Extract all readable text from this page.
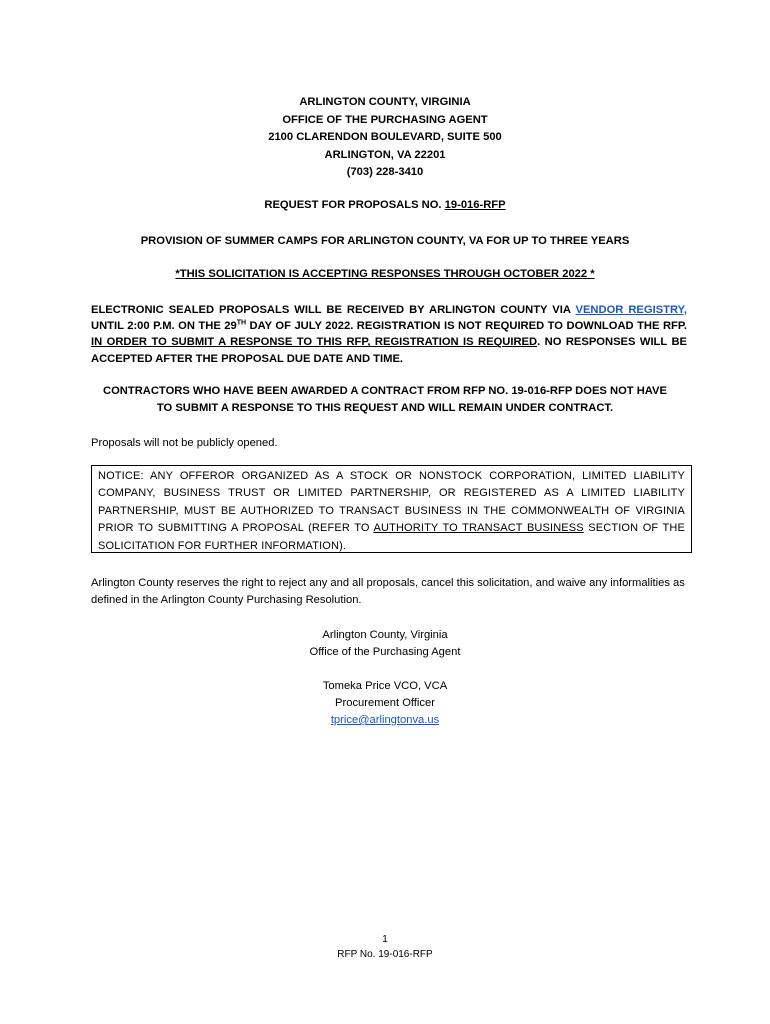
ARLINGTON COUNTY, VIRGINIA
OFFICE OF THE PURCHASING AGENT
2100 CLARENDON BOULEVARD, SUITE 500
ARLINGTON, VA 22201
(703) 228-3410
REQUEST FOR PROPOSALS NO. 19-016-RFP
PROVISION OF SUMMER CAMPS FOR ARLINGTON COUNTY, VA FOR UP TO THREE YEARS
*THIS SOLICITATION IS ACCEPTING RESPONSES THROUGH OCTOBER 2022 *
ELECTRONIC SEALED PROPOSALS WILL BE RECEIVED BY ARLINGTON COUNTY VIA VENDOR REGISTRY, UNTIL 2:00 P.M. ON THE 29TH DAY OF JULY 2022. REGISTRATION IS NOT REQUIRED TO DOWNLOAD THE RFP. IN ORDER TO SUBMIT A RESPONSE TO THIS RFP, REGISTRATION IS REQUIRED. NO RESPONSES WILL BE ACCEPTED AFTER THE PROPOSAL DUE DATE AND TIME.
CONTRACTORS WHO HAVE BEEN AWARDED A CONTRACT FROM RFP NO. 19-016-RFP DOES NOT HAVE
TO SUBMIT A RESPONSE TO THIS REQUEST AND WILL REMAIN UNDER CONTRACT.
Proposals will not be publicly opened.
NOTICE: ANY OFFEROR ORGANIZED AS A STOCK OR NONSTOCK CORPORATION, LIMITED LIABILITY COMPANY, BUSINESS TRUST OR LIMITED PARTNERSHIP, OR REGISTERED AS A LIMITED LIABILITY PARTNERSHIP, MUST BE AUTHORIZED TO TRANSACT BUSINESS IN THE COMMONWEALTH OF VIRGINIA PRIOR TO SUBMITTING A PROPOSAL (REFER TO AUTHORITY TO TRANSACT BUSINESS SECTION OF THE SOLICITATION FOR FURTHER INFORMATION).
Arlington County reserves the right to reject any and all proposals, cancel this solicitation, and waive any informalities as defined in the Arlington County Purchasing Resolution.
Arlington County, Virginia
Office of the Purchasing Agent
Tomeka Price VCO, VCA
Procurement Officer
tprice@arlingtonva.us
1
RFP No. 19-016-RFP
